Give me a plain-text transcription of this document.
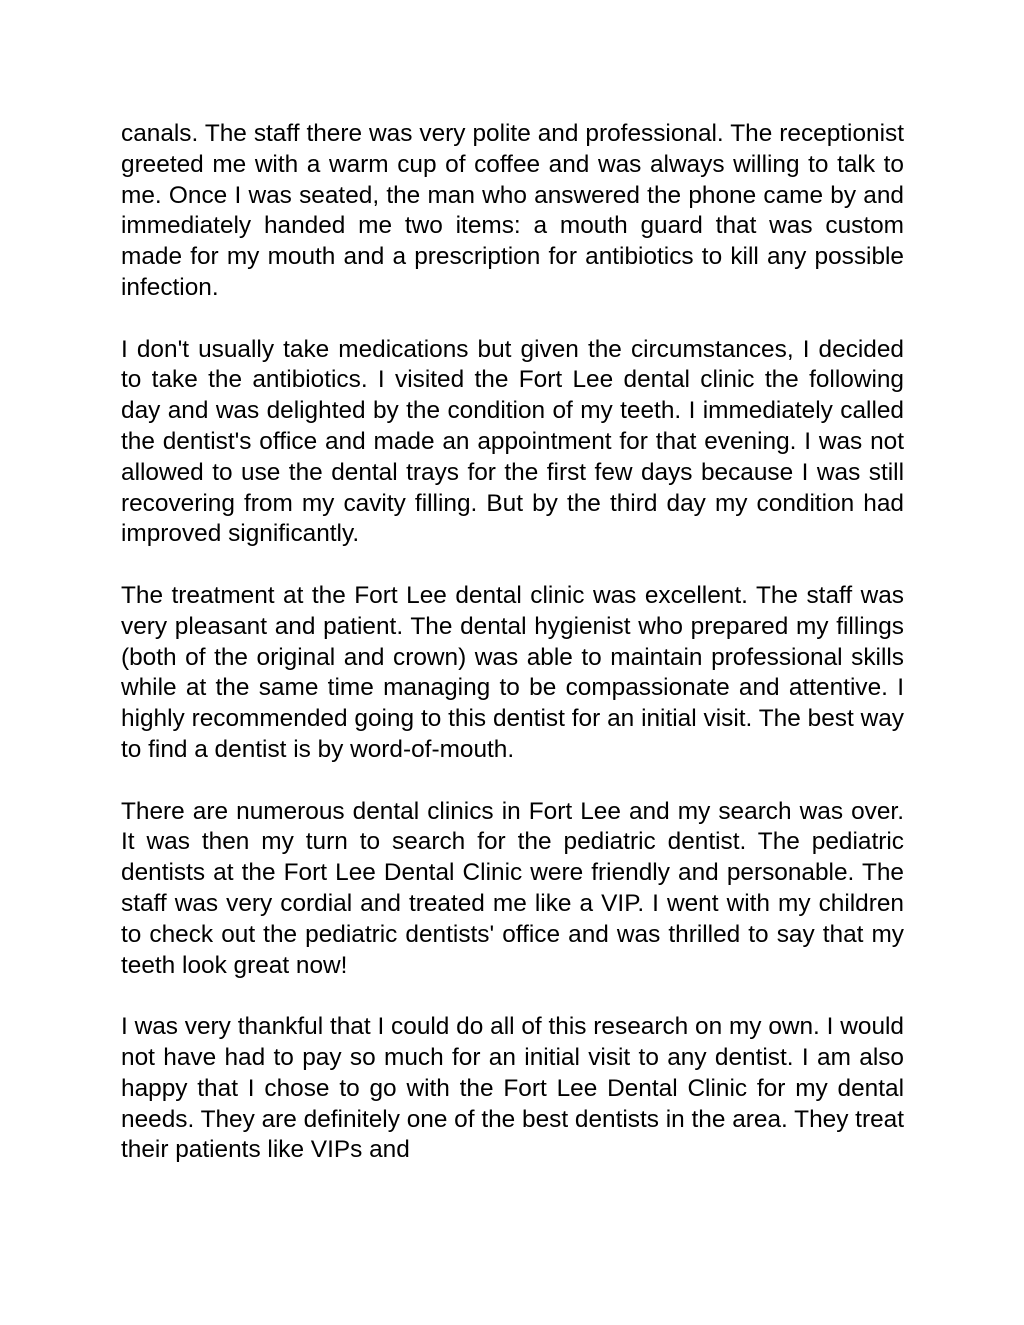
canals. The staff there was very polite and professional. The receptionist greeted me with a warm cup of coffee and was always willing to talk to me. Once I was seated, the man who answered the phone came by and immediately handed me two items: a mouth guard that was custom made for my mouth and a prescription for antibiotics to kill any possible infection.

I don't usually take medications but given the circumstances, I decided to take the antibiotics. I visited the Fort Lee dental clinic the following day and was delighted by the condition of my teeth. I immediately called the dentist's office and made an appointment for that evening. I was not allowed to use the dental trays for the first few days because I was still recovering from my cavity filling. But by the third day my condition had improved significantly.

The treatment at the Fort Lee dental clinic was excellent. The staff was very pleasant and patient. The dental hygienist who prepared my fillings (both of the original and crown) was able to maintain professional skills while at the same time managing to be compassionate and attentive. I highly recommended going to this dentist for an initial visit. The best way to find a dentist is by word-of-mouth.

There are numerous dental clinics in Fort Lee and my search was over. It was then my turn to search for the pediatric dentist. The pediatric dentists at the Fort Lee Dental Clinic were friendly and personable. The staff was very cordial and treated me like a VIP. I went with my children to check out the pediatric dentists' office and was thrilled to say that my teeth look great now!

I was very thankful that I could do all of this research on my own. I would not have had to pay so much for an initial visit to any dentist. I am also happy that I chose to go with the Fort Lee Dental Clinic for my dental needs. They are definitely one of the best dentists in the area. They treat their patients like VIPs and
